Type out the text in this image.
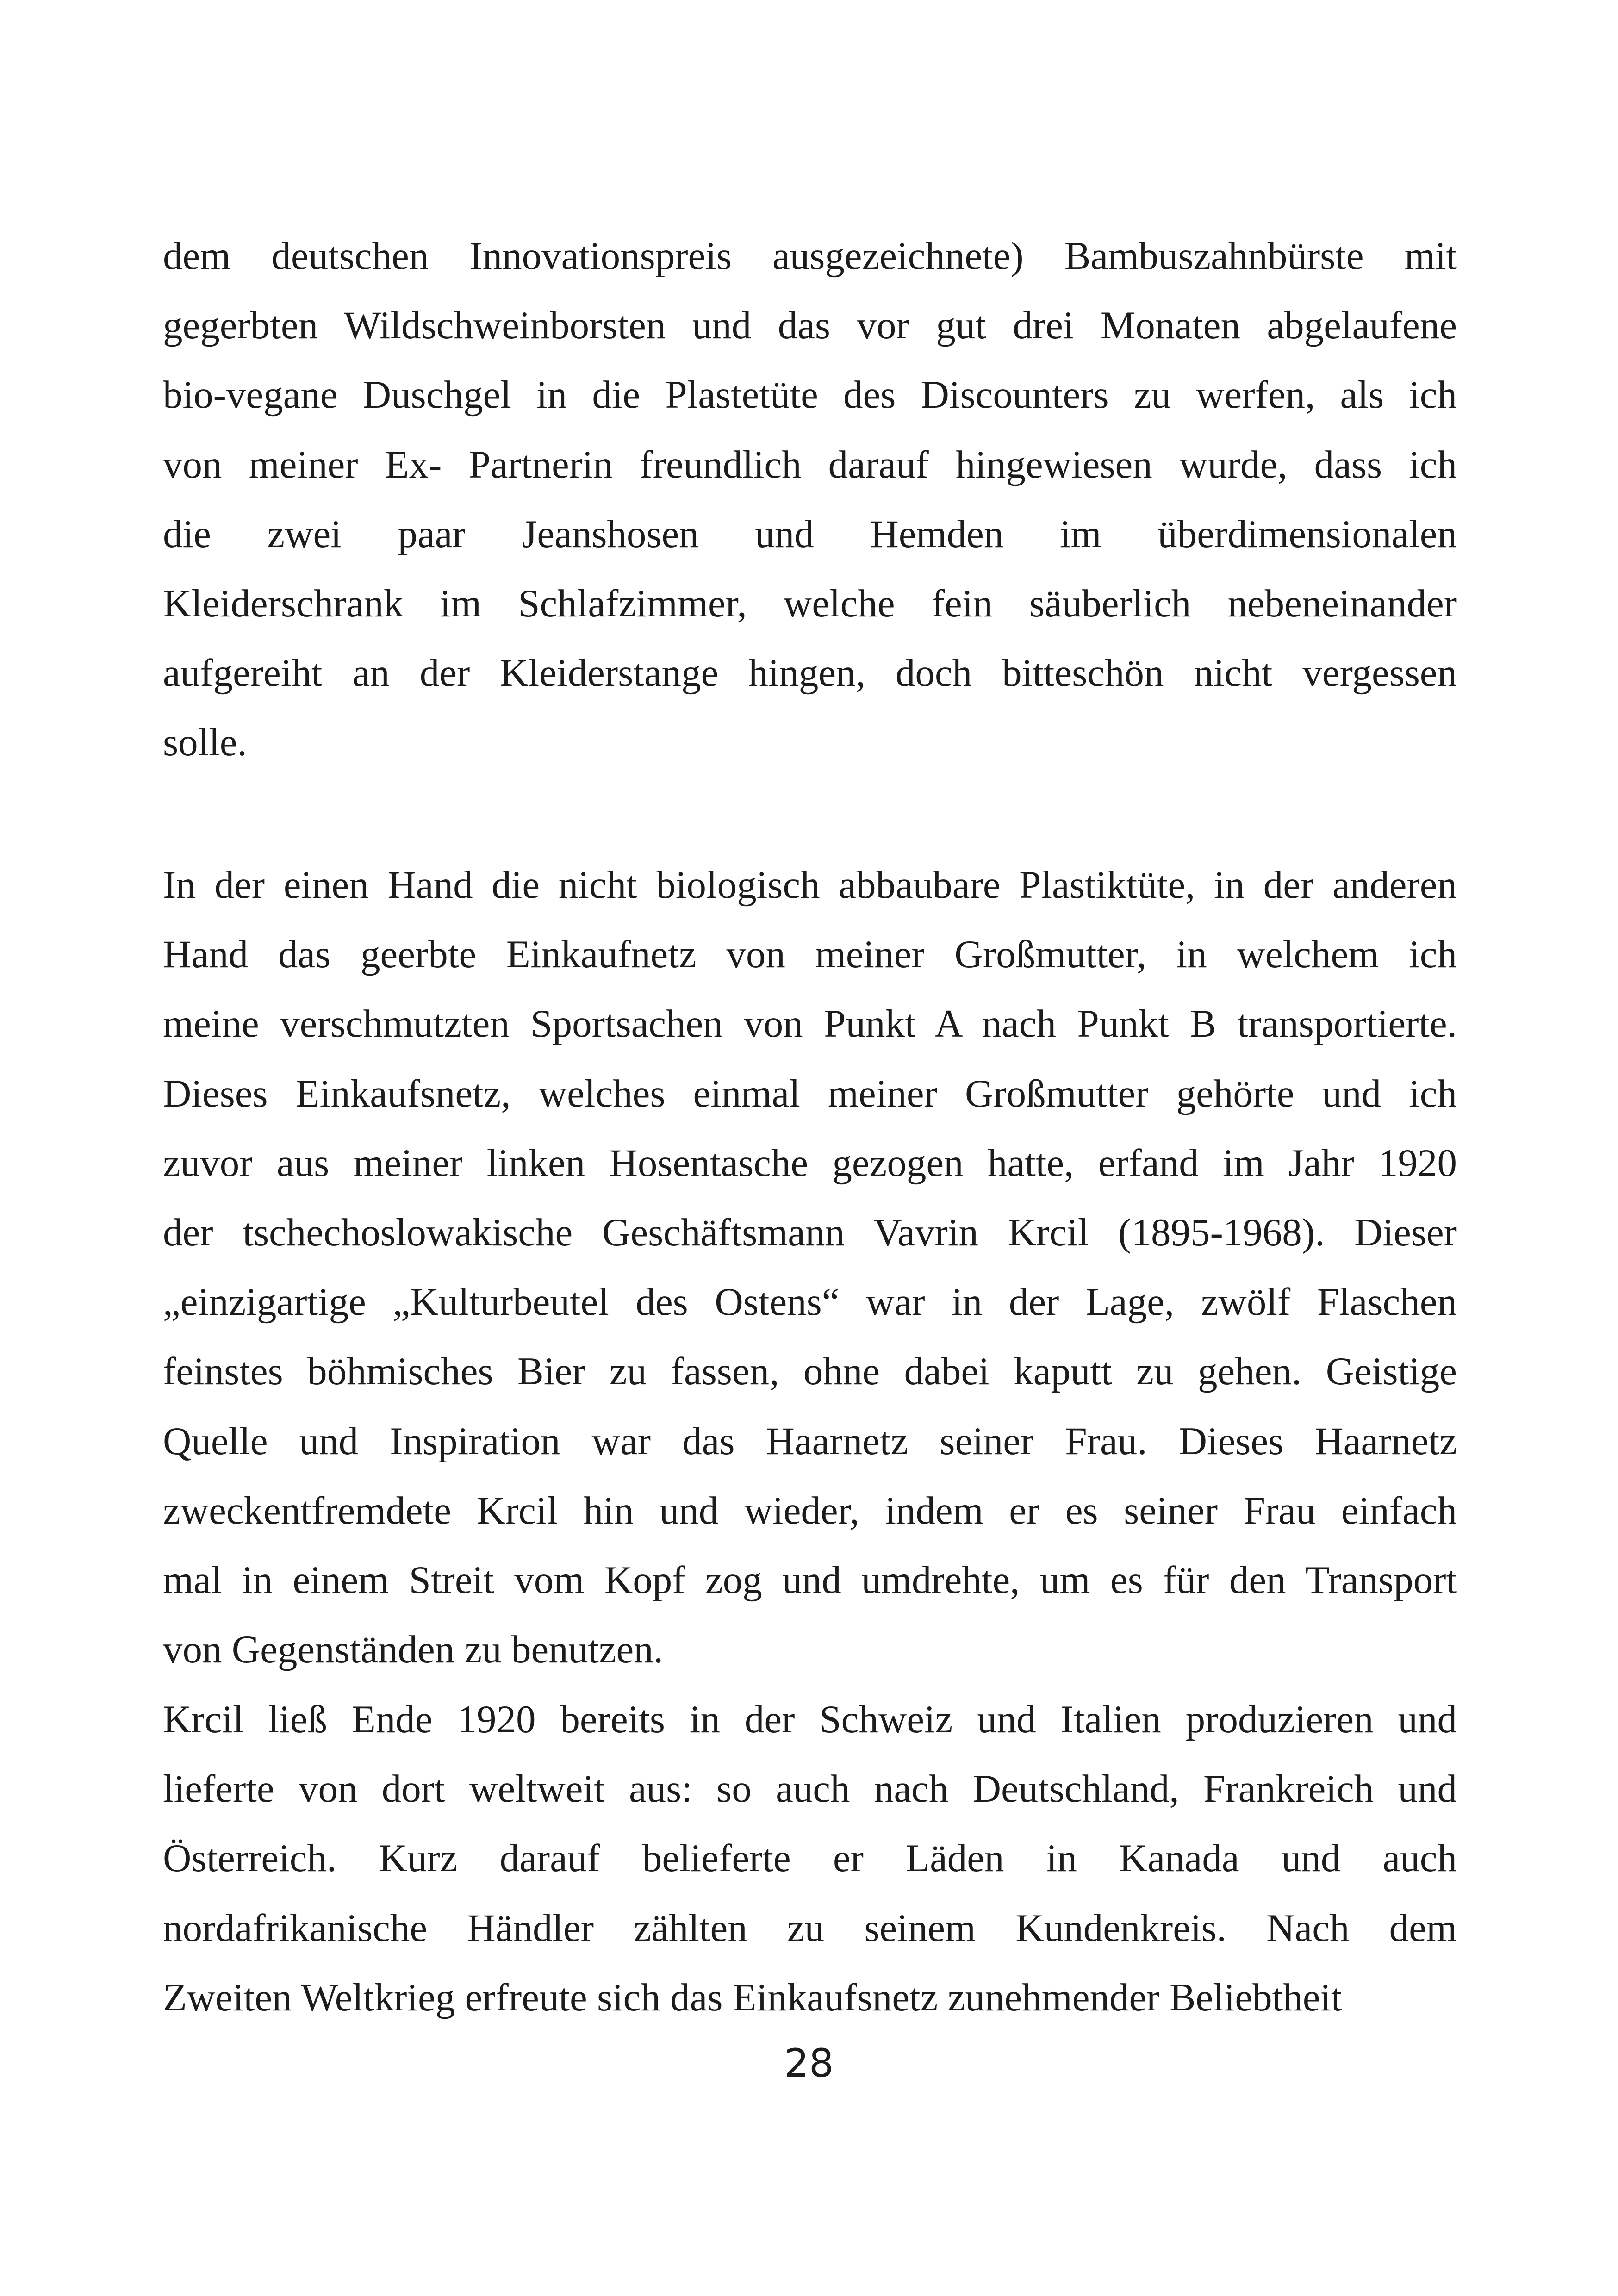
dem deutschen Innovationspreis ausgezeichnete) Bambuszahnbürste mit
gegerbten Wildschweinborsten und das vor gut drei Monaten abgelaufene
bio-vegane Duschgel in die Plastetüte des Discounters zu werfen, als ich
von meiner Ex- Partnerin freundlich darauf hingewiesen wurde, dass ich
die zwei paar Jeanshosen und Hemden im überdimensionalen
Kleiderschrank im Schlafzimmer, welche fein säuberlich nebeneinander
aufgereiht an der Kleiderstange hingen, doch bitteschön nicht vergessen
solle.
In der einen Hand die nicht biologisch abbaubare Plastiktüte, in der anderen
Hand das geerbte Einkaufnetz von meiner Großmutter, in welchem ich
meine verschmutzten Sportsachen von Punkt A nach Punkt B transportierte.
Dieses Einkaufsnetz, welches einmal meiner Großmutter gehörte und ich
zuvor aus meiner linken Hosentasche gezogen hatte, erfand im Jahr 1920
der tschechoslowakische Geschäftsmann Vavrin Krcil (1895-1968). Dieser
„einzigartige „Kulturbeutel des Ostens“ war in der Lage, zwölf Flaschen
feinstes böhmisches Bier zu fassen, ohne dabei kaputt zu gehen. Geistige
Quelle und Inspiration war das Haarnetz seiner Frau. Dieses Haarnetz
zweckentfremdete Krcil hin und wieder, indem er es seiner Frau einfach
mal in einem Streit vom Kopf zog und umdrehte, um es für den Transport
von Gegenständen zu benutzen.
Krcil ließ Ende 1920 bereits in der Schweiz und Italien produzieren und
lieferte von dort weltweit aus: so auch nach Deutschland, Frankreich und
Österreich. Kurz darauf belieferte er Läden in Kanada und auch
nordafrikanische Händler zählten zu seinem Kundenkreis. Nach dem
Zweiten Weltkrieg erfreute sich das Einkaufsnetz zunehmender Beliebtheit
28
